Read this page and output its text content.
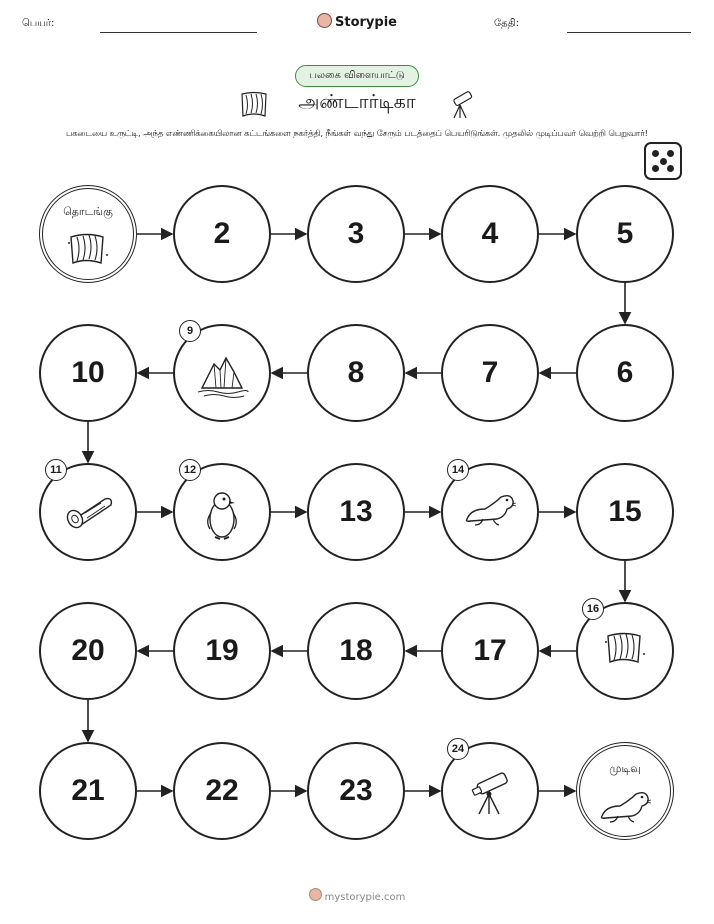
பெயர்:	Storypie	தேதி:
பலகை விளையாட்டு
அண்டார்டிகா
பகடையை உருட்டி, அந்த எண்ணிக்கையிலான கட்டங்களை நகர்த்தி, நீங்கள் வந்து சேரும் படத்தைப் பெயரிடுங்கள். முதலில் முடிப்பவர் வெற்றி பெறுவார்!
தொடங்கு
2	3	4	5
6
7
8
9
10
11	12
13
14
15
16
17
18
19
20
21	22	23
24
முடிவு
mystorypie.com
